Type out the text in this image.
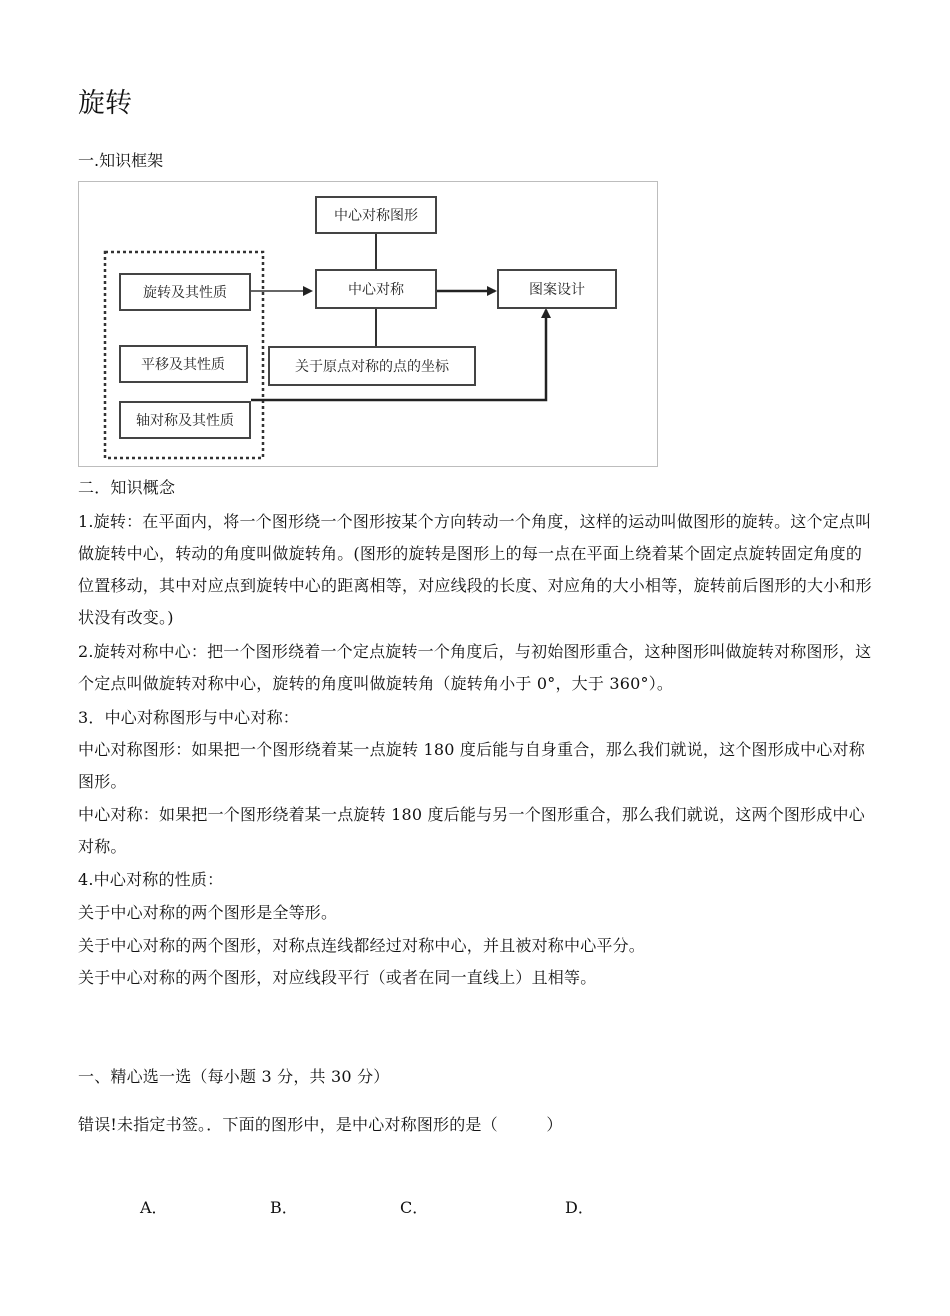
旋转
一.知识框架
中心对称图形
旋转及其性质	中心对称	图案设计
平移及其性质	关于原点对称的点的坐标
轴对称及其性质
二．知识概念
1.旋转：在平面内，将一个图形绕一个图形按某个方向转动一个角度，这样的运动叫做图形的旋转。这个定点叫做旋转中心，转动的角度叫做旋转角。(图形的旋转是图形上的每一点在平面上绕着某个固定点旋转固定角度的位置移动，其中对应点到旋转中心的距离相等，对应线段的长度、对应角的大小相等，旋转前后图形的大小和形状没有改变。)
2.旋转对称中心：把一个图形绕着一个定点旋转一个角度后，与初始图形重合，这种图形叫做旋转对称图形，这个定点叫做旋转对称中心，旋转的角度叫做旋转角（旋转角小于 0°，大于 360°）。
3．中心对称图形与中心对称：
中心对称图形：如果把一个图形绕着某一点旋转 180 度后能与自身重合，那么我们就说，这个图形成中心对称图形。
中心对称：如果把一个图形绕着某一点旋转 180 度后能与另一个图形重合，那么我们就说，这两个图形成中心对称。
4.中心对称的性质：
关于中心对称的两个图形是全等形。
关于中心对称的两个图形，对称点连线都经过对称中心，并且被对称中心平分。
关于中心对称的两个图形，对应线段平行（或者在同一直线上）且相等。
一、精心选一选（每小题 3 分，共 30 分）
错误!未指定书签。．下面的图形中，是中心对称图形的是（　　　）
A．	B．	C．	D．
